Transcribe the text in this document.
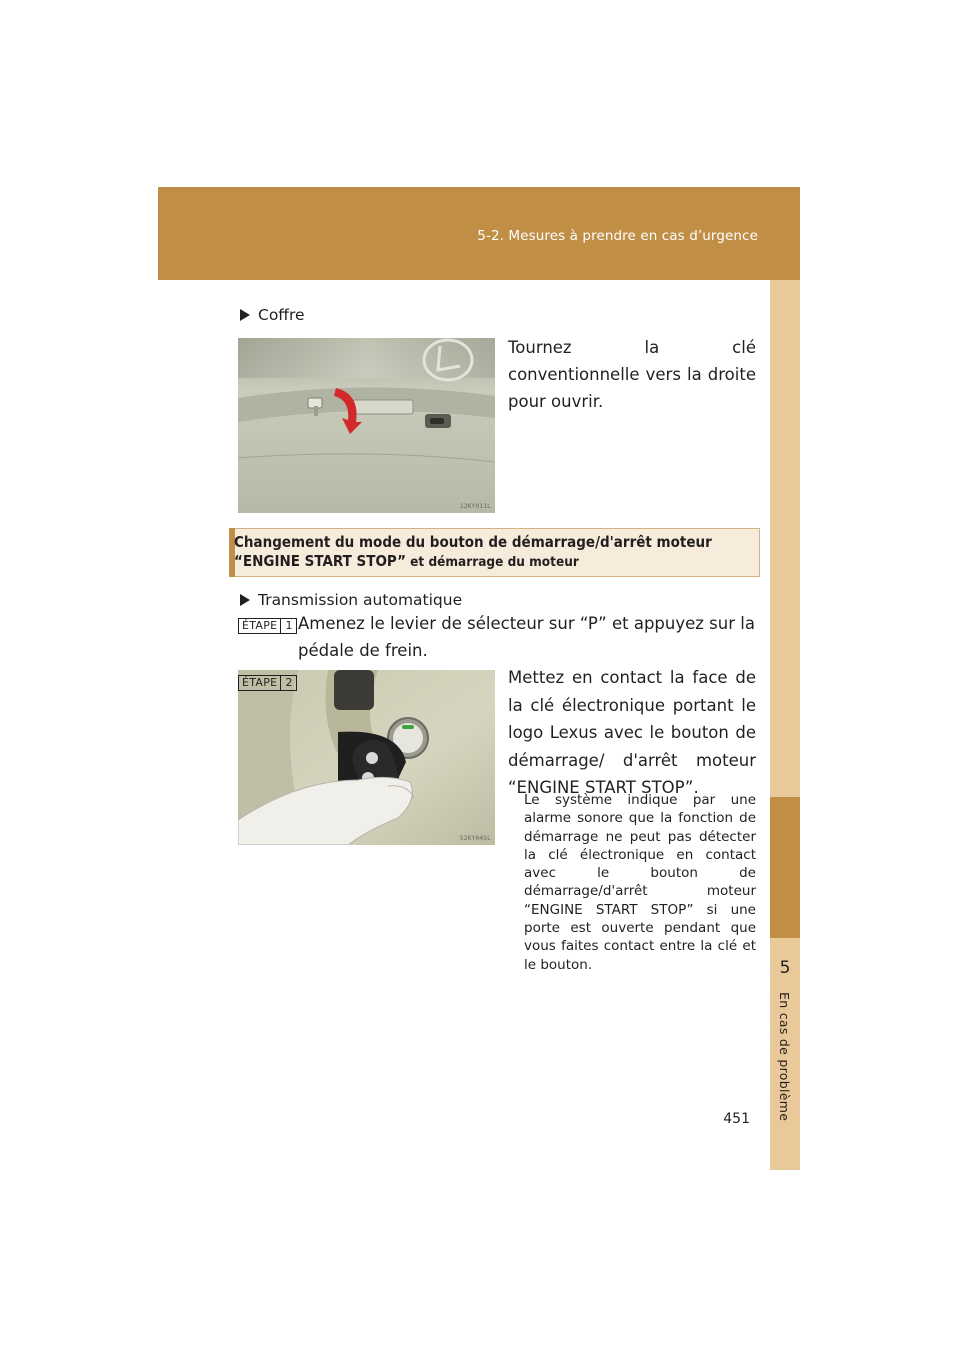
5-2. Mesures à prendre en cas d’urgence
5
En cas de problème
Coffre
12KY011L
Tournez la clé conventionnelle vers la droite pour ouvrir.
Changement du mode du bouton de démarrage/d'arrêt moteur
“ENGINE START STOP” et démarrage du moteur
Transmission automatique
ÉTAPE 1 Amenez le levier de sélecteur sur “P” et appuyez sur la pédale de frein.
52KY045L
ÉTAPE 2	Mettez en contact la face de la clé électronique portant le logo Lexus avec le bouton de démarrage/ d'arrêt moteur “ENGINE START STOP”.
Le système indique par une alarme sonore que la fonction de démarrage ne peut pas détecter la clé électronique en contact avec le bouton de démarrage/d'arrêt moteur “ENGINE START STOP” si une porte est ouverte pendant que vous faites contact entre la clé et le bouton.
451
